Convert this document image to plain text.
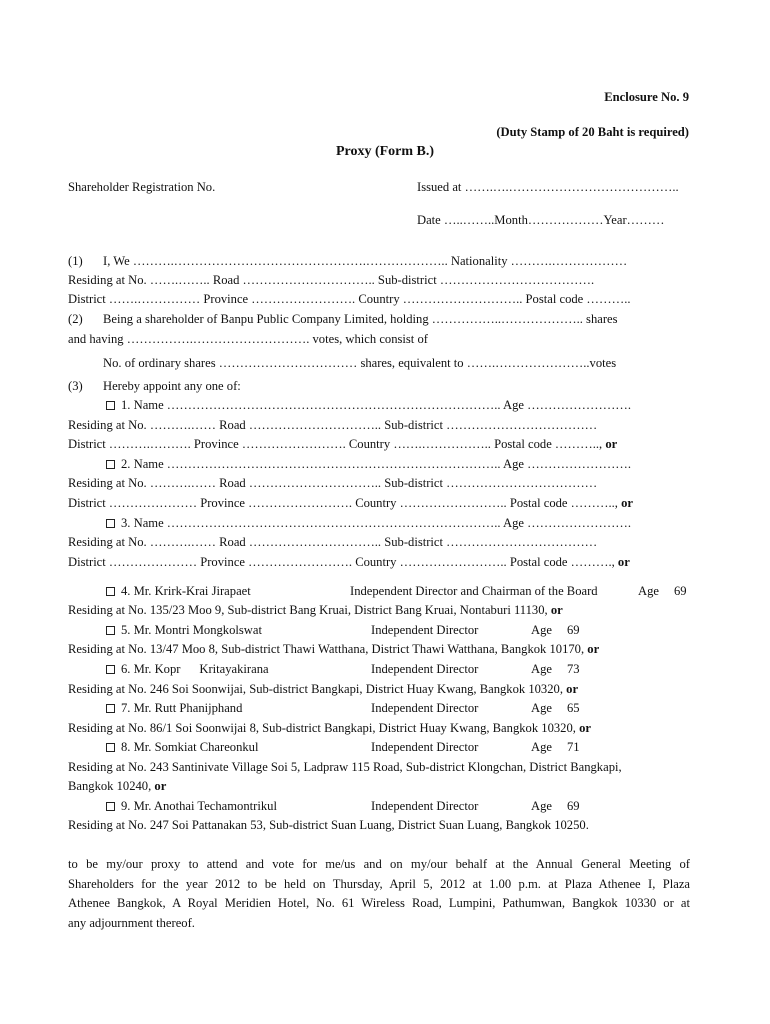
Enclosure No. 9
(Duty Stamp of 20 Baht is required)
Proxy (Form B.)
Shareholder Registration No.	Issued at …….….…………………………………..
Date …..……..Month………………Year………
(1) I, We ……….……………………………………….……………….. Nationality ……….………………
Residing at No. …….…….. Road ………………………….. Sub-district ……………………………….
District …….…………… Province ……………………. Country ……………………….. Postal code ………..
(2) Being a shareholder of Banpu Public Company Limited, holding ……………..……………….. shares
and having …………….………………………. votes, which consist of
No. of ordinary shares …………………………… shares, equivalent to …….…………………..votes
(3) Hereby appoint any one of:
1. Name …………………………………………………………………….. Age …………………….
Residing at No. ……….…… Road ………………………….. Sub-district ………………………………
District ……….………. Province ……………………. Country …….…………….. Postal code ……….., or
2. Name …………………………………………………………………….. Age …………………….
Residing at No. ……….…… Road ………………………….. Sub-district ………………………………
District ………………… Province ……………………. Country …………………….. Postal code ……….., or
3. Name …………………………………………………………………….. Age …………………….
Residing at No. ……….…… Road ………………………….. Sub-district ………………………………
District ………………… Province ……………………. Country …………………….. Postal code ………., or
4. Mr. Krirk-Krai Jirapaet	Independent Director and Chairman of the Board	Age 69
Residing at No. 135/23 Moo 9, Sub-district Bang Kruai, District Bang Kruai, Nontaburi 11130, or
5. Mr. Montri Mongkolswat	Independent Director	Age 69
Residing at No. 13/47 Moo 8, Sub-district Thawi Watthana, District Thawi Watthana, Bangkok 10170, or
6. Mr. Kopr      Kritayakirana	Independent Director	Age 73
Residing at No. 246 Soi Soonwijai, Sub-district Bangkapi, District Huay Kwang, Bangkok 10320, or
7. Mr. Rutt Phanijphand	Independent Director	Age 65
Residing at No. 86/1 Soi Soonwijai 8, Sub-district Bangkapi, District Huay Kwang, Bangkok 10320, or
8. Mr. Somkiat Chareonkul	Independent Director	Age 71
Residing at No. 243 Santinivate Village Soi 5, Ladpraw 115 Road, Sub-district Klongchan, District Bangkapi,
Bangkok 10240, or
9. Mr. Anothai Techamontrikul	Independent Director	Age 69
Residing at No. 247 Soi Pattanakan 53, Sub-district Suan Luang, District Suan Luang, Bangkok 10250.
to be my/our proxy to attend and vote for me/us and on my/our behalf at the Annual General Meeting of
Shareholders for the year 2012 to be held on Thursday, April 5, 2012 at 1.00 p.m. at Plaza Athenee I, Plaza
Athenee Bangkok, A Royal Meridien Hotel, No. 61 Wireless Road, Lumpini, Pathumwan, Bangkok 10330 or at
any adjournment thereof.
